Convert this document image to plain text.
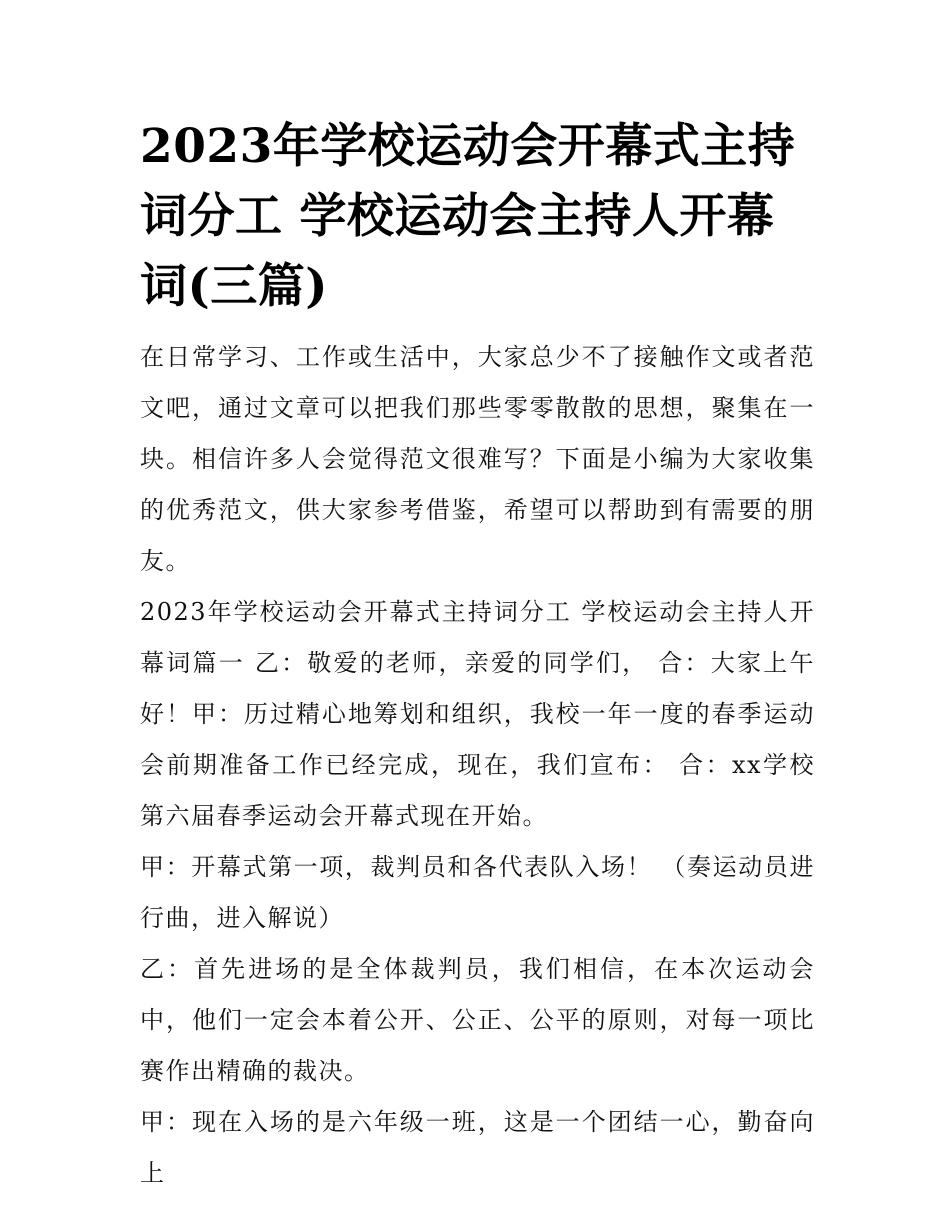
2023年学校运动会开幕式主持词分工 学校运动会主持人开幕词(三篇)

在日常学习、工作或生活中，大家总少不了接触作文或者范文吧，通过文章可以把我们那些零零散散的思想，聚集在一块。相信许多人会觉得范文很难写？下面是小编为大家收集的优秀范文，供大家参考借鉴，希望可以帮助到有需要的朋友。

2023年学校运动会开幕式主持词分工 学校运动会主持人开幕词篇一 乙：敬爱的老师，亲爱的同学们， 合：大家上午好！甲：历过精心地筹划和组织，我校一年一度的春季运动会前期准备工作已经完成，现在，我们宣布： 合：xx学校第六届春季运动会开幕式现在开始。

甲：开幕式第一项，裁判员和各代表队入场！ （奏运动员进行曲，进入解说）

乙：首先进场的是全体裁判员，我们相信，在本次运动会中，他们一定会本着公开、公正、公平的原则，对每一项比赛作出精确的裁决。

甲：现在入场的是六年级一班，这是一个团结一心，勤奋向上
